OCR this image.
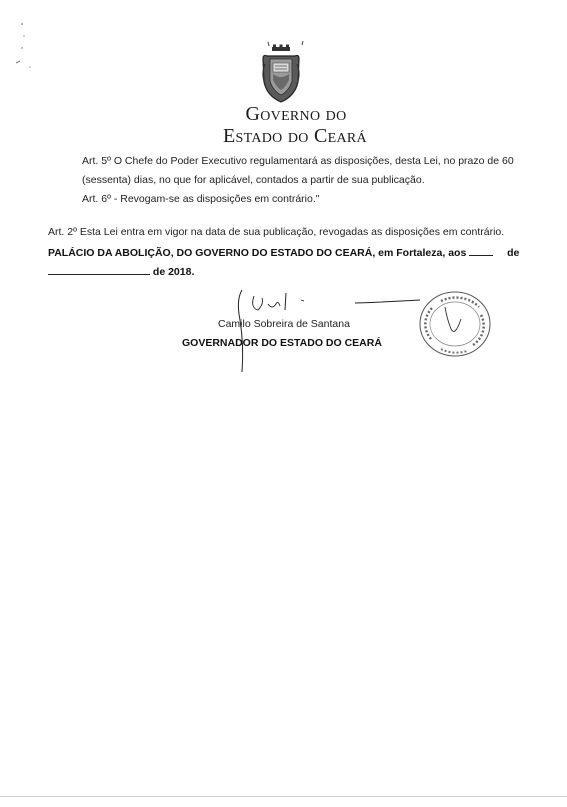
Governo do
Estado do Ceará
Art. 5º O Chefe do Poder Executivo regulamentará as disposições, desta Lei, no prazo de 60
(sessenta) dias, no que for aplicável, contados a partir de sua publicação.
Art. 6º - Revogam-se as disposições em contrário."
Art. 2º Esta Lei entra em vigor na data de sua publicação, revogadas as disposições em contrário.
PALÁCIO DA ABOLIÇÃO, DO GOVERNO DO ESTADO DO CEARÁ, em Fortaleza, aos	de
de 2018.
Camilo Sobreira de Santana
GOVERNADOR DO ESTADO DO CEARÁ
